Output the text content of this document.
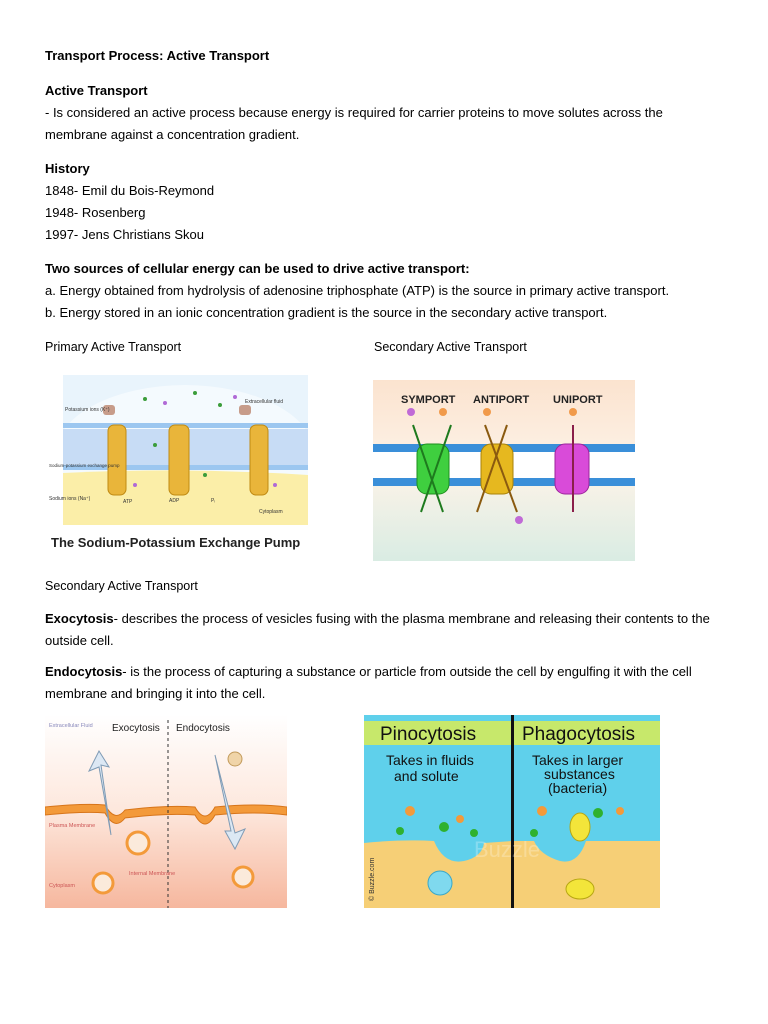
Transport Process: Active Transport
Active Transport
- Is considered an active process because energy is required for carrier proteins to move solutes across the
membrane against a concentration gradient.
History
1848- Emil du Bois-Reymond
1948- Rosenberg
1997- Jens Christians Skou
Two sources of cellular energy can be used to drive active transport:
a. Energy obtained from hydrolysis of adenosine triphosphate (ATP) is the source in primary active transport.
b. Energy stored in an ionic concentration gradient is the source in the secondary active transport.
Primary Active Transport	Secondary Active Transport
Potassium ions (K⁺)
Extracellular fluid
Sodium-potassium exchange pump
Sodium ions (Na⁺)	ATP	ADP	Pᵢ
Cytoplasm
The Sodium-Potassium Exchange Pump
SYMPORT ANTIPORT UNIPORT
Secondary Active Transport
Exocytosis- describes the process of vesicles fusing with the plasma membrane and releasing their contents to the
outside cell.
Endocytosis- is the process of capturing a substance or particle from outside the cell by engulfing it with the cell
membrane and bringing it into the cell.
Extracellular Fluid Exocytosis Endocytosis
Plasma Membrane
Cytoplasm
Internal Membrane
Pinocytosis Phagocytosis
Takes in fluids
and solute
Takes in larger
substances
(bacteria)
Buzzle
© Buzzle.com
